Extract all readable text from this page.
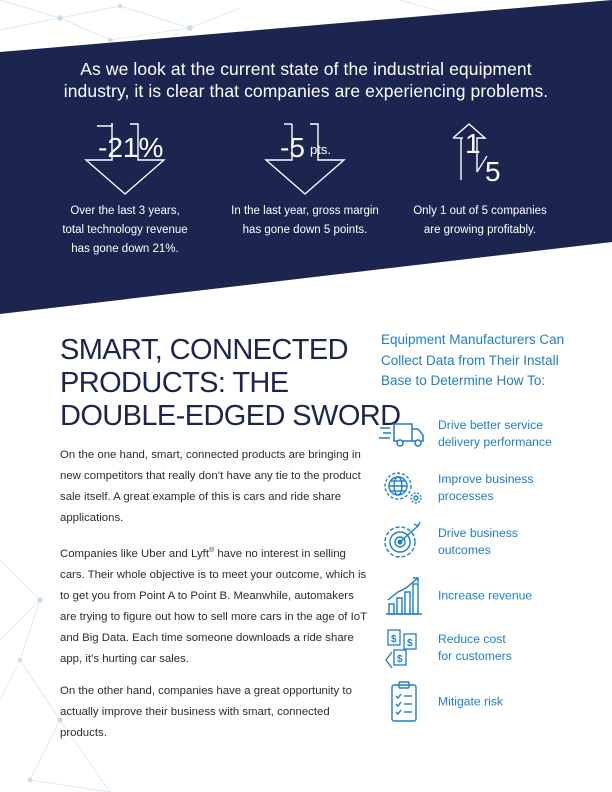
As we look at the current state of the industrial equipment
industry, it is clear that companies are experiencing problems.
-21%
Over the last 3 years,
total technology revenue
has gone down 21%.
-5 pts.
In the last year, gross margin
has gone down 5 points.
1
5
Only 1 out of 5 companies
are growing profitably.
SMART, CONNECTED
PRODUCTS: THE
DOUBLE-EDGED SWORD

On the one hand, smart, connected products are bringing in new competitors that really don’t have any tie to the product sale itself. A great example of this is cars and ride share applications.

Companies like Uber and Lyft® have no interest in selling cars. Their whole objective is to meet your outcome, which is to get you from Point A to Point B. Meanwhile, automakers are trying to figure out how to sell more cars in the age of IoT and Big Data. Each time someone downloads a ride share app, it’s hurting car sales.

On the other hand, companies have a great opportunity to actually improve their business with smart, connected products.

Equipment Manufacturers Can
Collect Data from Their Install
Base to Determine How To:
Drive better service
delivery performance
Improve business
processes
Drive business
outcomes
Increase revenue
$ $
$
Reduce cost
for customers
Mitigate risk
